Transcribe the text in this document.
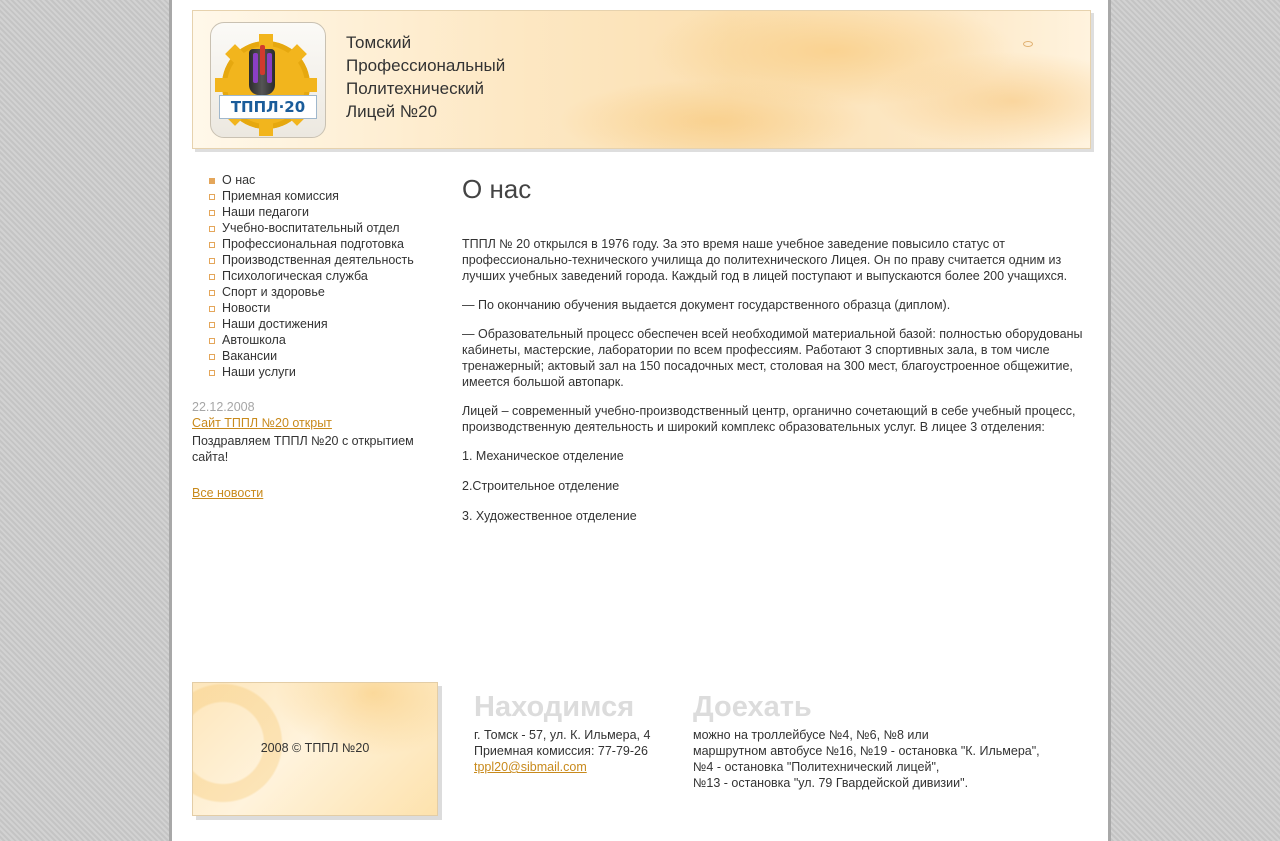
ТППЛ·20
Томский
Профессиональный
Политехнический
Лицей №20
О нас
Приемная комиссия
Наши педагоги
Учебно-воспитательный отдел
Профессиональная подготовка
Производственная деятельность
Психологическая служба
Спорт и здоровье
Новости
Наши достижения
Автошкола
Вакансии
Наши услуги
22.12.2008
Сайт ТППЛ №20 открыт
Поздравляем ТППЛ №20 с открытием сайта!
Все новости
О нас

ТППЛ № 20 открылся в 1976 году. За это время наше учебное заведение повысило статус от профессионально-технического училища до политехнического Лицея. Он по праву считается одним из лучших учебных заведений города. Каждый год в лицей поступают и выпускаются более 200 учащихся.

— По окончанию обучения выдается документ государственного образца (диплом).

— Образовательный процесс обеспечен всей необходимой материальной базой: полностью оборудованы кабинеты, мастерские, лаборатории по всем профессиям. Работают 3 спортивных зала, в том числе тренажерный; актовый зал на 150 посадочных мест, столовая на 300 мест, благоустроенное общежитие, имеется большой автопарк.

Лицей – современный учебно-производственный центр, органично сочетающий в себе учебный процесс, производственную деятельность и широкий комплекс образовательных услуг. В лицее 3 отделения:

1. Механическое отделение

2.Строительное отделение

3. Художественное отделение

2008 © ТППЛ №20
Находимся
г. Томск - 57, ул. К. Ильмера, 4
Приемная комиссия: 77-79-26
tppl20@sibmail.com
Доехать
можно на троллейбусе №4, №6, №8 или
маршрутном автобусе №16, №19 - остановка "К. Ильмера",
№4 - остановка "Политехнический лицей",
№13 - остановка "ул. 79 Гвардейской дивизии".
